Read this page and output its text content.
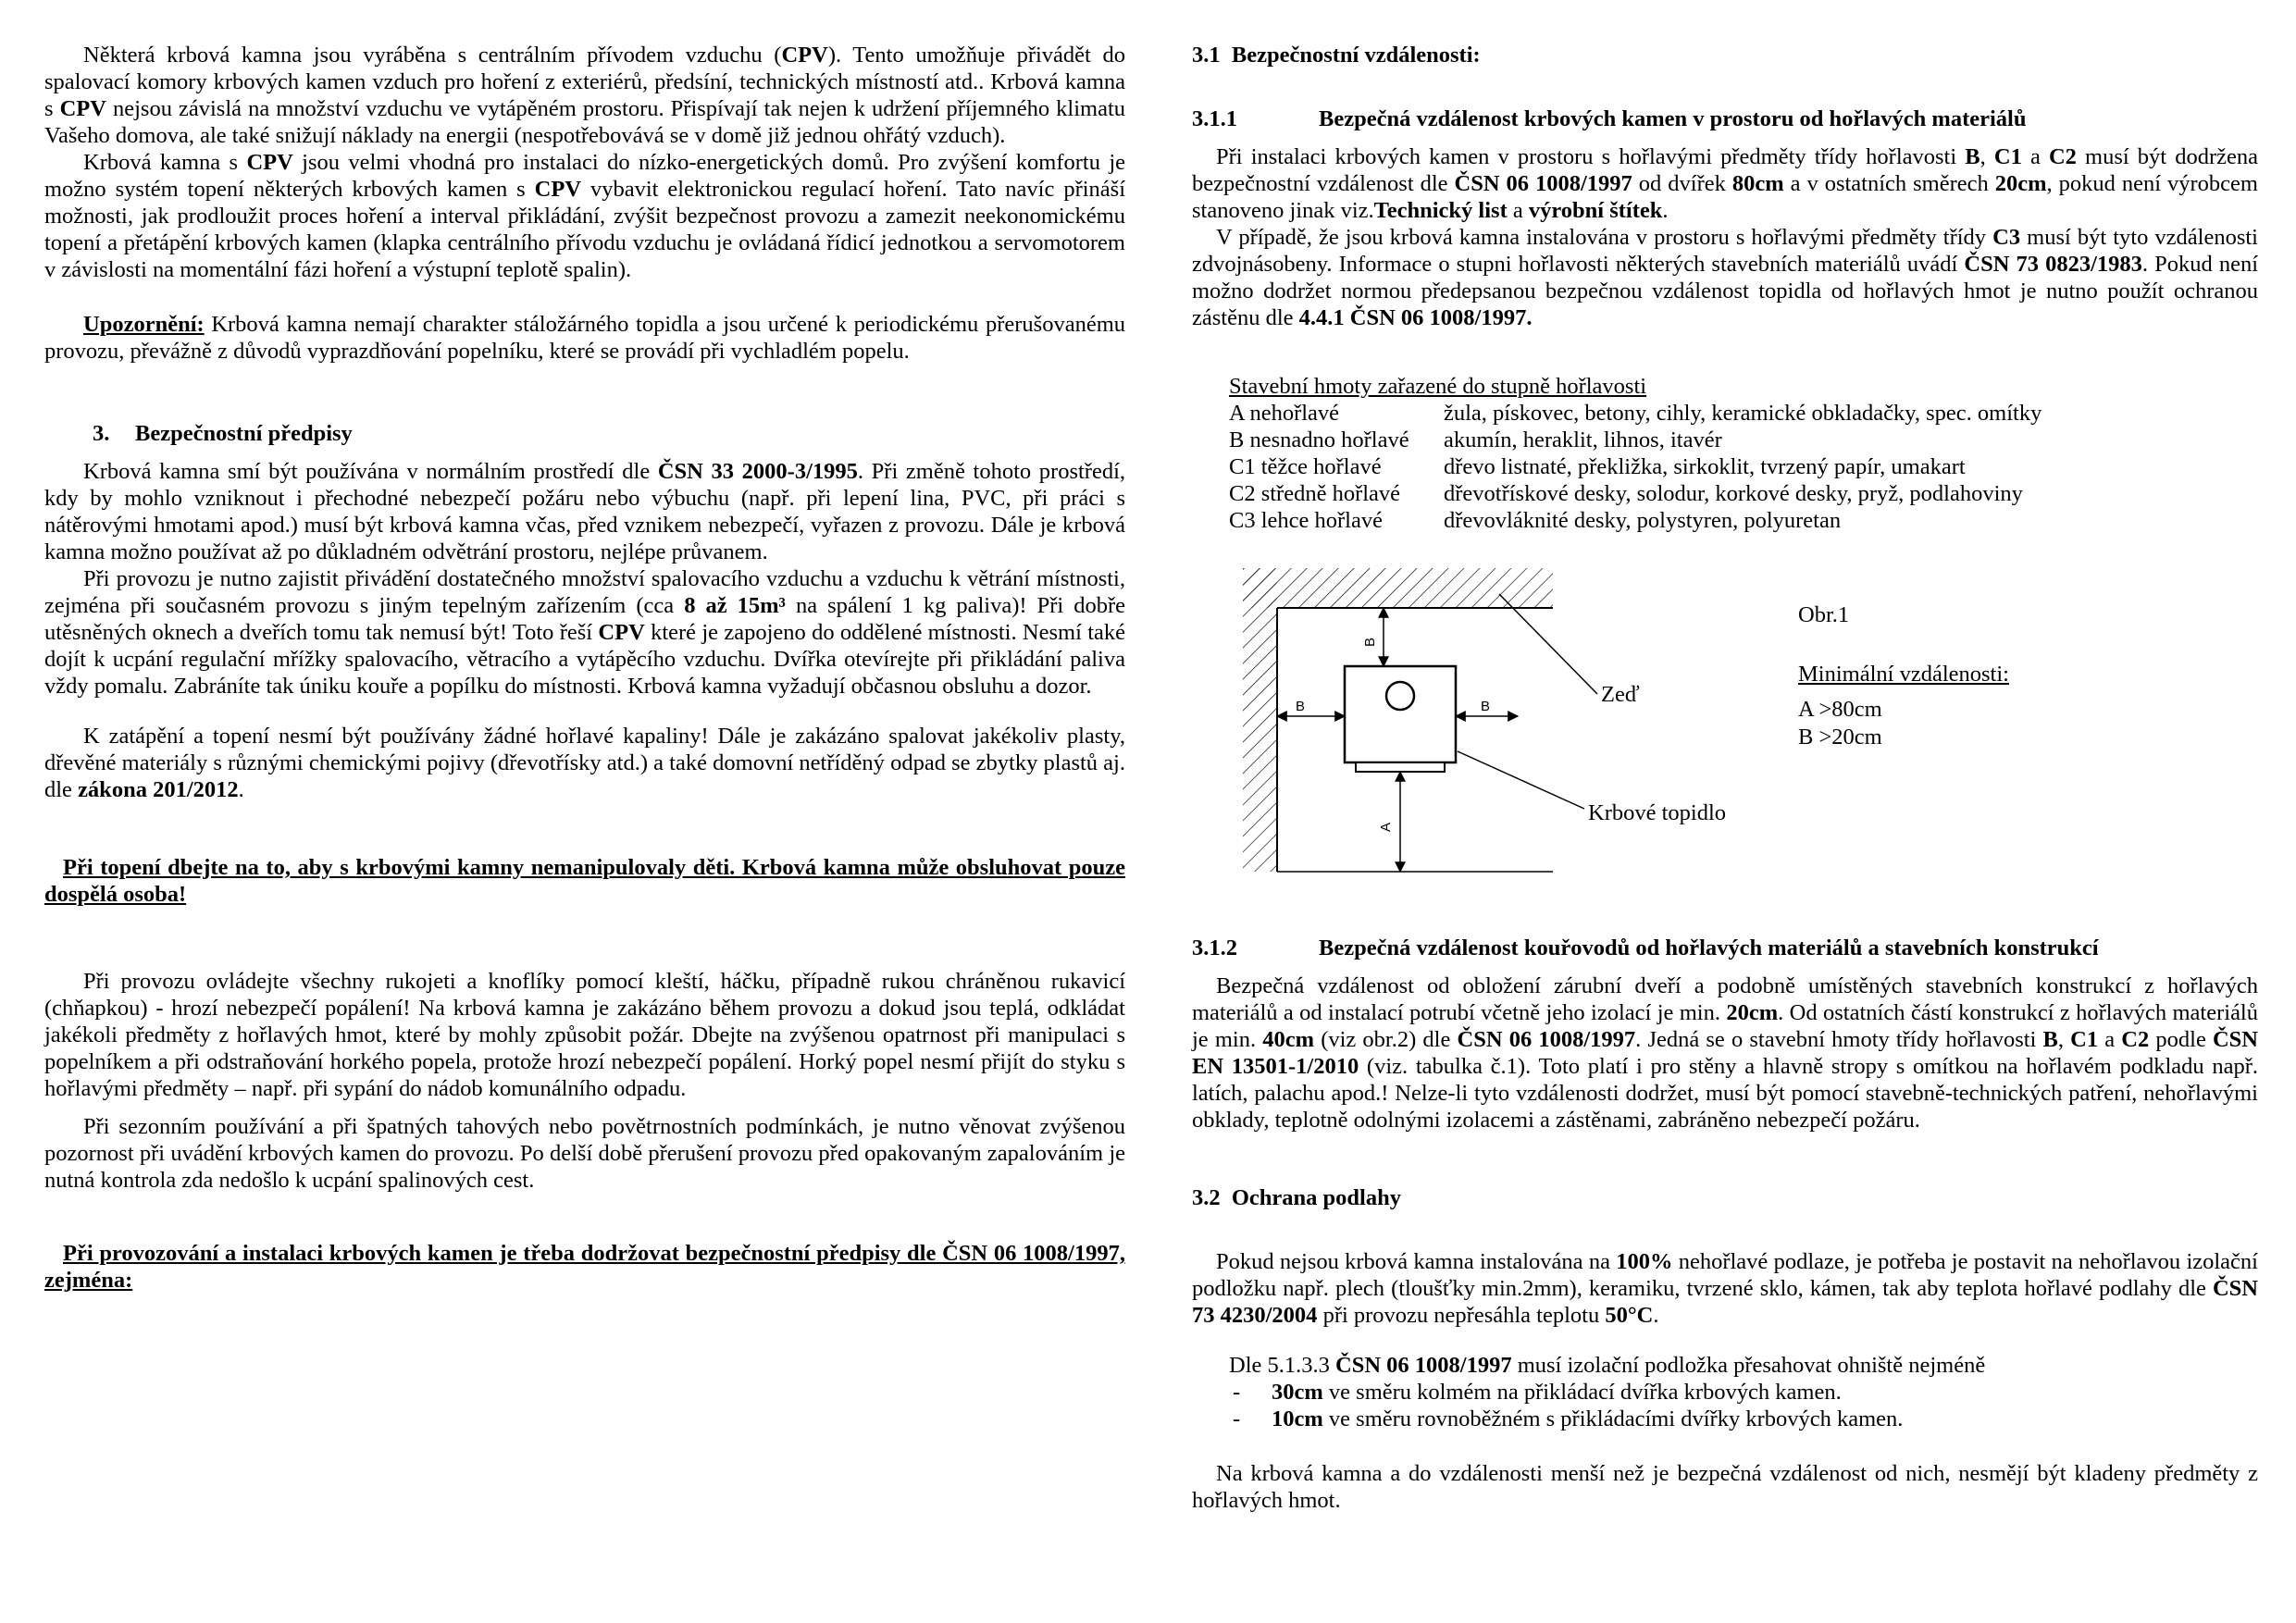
Některá krbová kamna jsou vyráběna s centrálním přívodem vzduchu (CPV). Tento umožňuje přivádět do spalovací komory krbových kamen vzduch pro hoření z exteriérů, předsíní, technických místností atd.. Krbová kamna s CPV nejsou závislá na množství vzduchu ve vytápěném prostoru. Přispívají tak nejen k udržení příjemného klimatu Vašeho domova, ale také snižují náklady na energii (nespotřebovává se v domě již jednou ohřátý vzduch).

Krbová kamna s CPV jsou velmi vhodná pro instalaci do nízko-energetických domů. Pro zvýšení komfortu je možno systém topení některých krbových kamen s CPV vybavit elektronickou regulací hoření. Tato navíc přináší možnosti, jak prodloužit proces hoření a interval přikládání, zvýšit bezpečnost provozu a zamezit neekonomickému topení a přetápění krbových kamen (klapka centrálního přívodu vzduchu je ovládaná řídicí jednotkou a servomotorem v závislosti na momentální fázi hoření a výstupní teplotě spalin).

Upozornění: Krbová kamna nemají charakter stáložárného topidla a jsou určené k periodickému přerušovanému provozu, převážně z důvodů vyprazdňování popelníku, které se provádí při vychladlém popelu.

3.	Bezpečnostní předpisy

Krbová kamna smí být používána v normálním prostředí dle ČSN 33 2000-3/1995. Při změně tohoto prostředí, kdy by mohlo vzniknout i přechodné nebezpečí požáru nebo výbuchu (např. při lepení lina, PVC, při práci s nátěrovými hmotami apod.) musí být krbová kamna včas, před vznikem nebezpečí, vyřazen z provozu. Dále je krbová kamna možno používat až po důkladném odvětrání prostoru, nejlépe průvanem.

Při provozu je nutno zajistit přivádění dostatečného množství spalovacího vzduchu a vzduchu k větrání místnosti, zejména při současném provozu s jiným tepelným zařízením (cca 8 až 15m³ na spálení 1 kg paliva)! Při dobře utěsněných oknech a dveřích tomu tak nemusí být! Toto řeší CPV které je zapojeno do oddělené místnosti. Nesmí také dojít k ucpání regulační mřížky spalovacího, větracího a vytápěcího vzduchu. Dvířka otevírejte při přikládání paliva vždy pomalu. Zabráníte tak úniku kouře a popílku do místnosti. Krbová kamna vyžadují občasnou obsluhu a dozor.

K zatápění a topení nesmí být používány žádné hořlavé kapaliny! Dále je zakázáno spalovat jakékoliv plasty, dřevěné materiály s různými chemickými pojivy (dřevotřísky atd.) a také domovní netříděný odpad se zbytky plastů aj. dle zákona 201/2012.

Při topení dbejte na to, aby s krbovými kamny nemanipulovaly děti. Krbová kamna může obsluhovat pouze dospělá osoba!

Při provozu ovládejte všechny rukojeti a knoflíky pomocí kleští, háčku, případně rukou chráněnou rukavicí (chňapkou) - hrozí nebezpečí popálení! Na krbová kamna je zakázáno během provozu a dokud jsou teplá, odkládat jakékoli předměty z hořlavých hmot, které by mohly způsobit požár. Dbejte na zvýšenou opatrnost při manipulaci s popelníkem a při odstraňování horkého popela, protože hrozí nebezpečí popálení. Horký popel nesmí přijít do styku s hořlavými předměty – např. při sypání do nádob komunálního odpadu.

Při sezonním používání a při špatných tahových nebo povětrnostních podmínkách, je nutno věnovat zvýšenou pozornost při uvádění krbových kamen do provozu. Po delší době přerušení provozu před opakovaným zapalováním je nutná kontrola zda nedošlo k ucpání spalinových cest.

Při provozování a instalaci krbových kamen je třeba dodržovat bezpečnostní předpisy dle ČSN 06 1008/1997, zejména:

3.1  Bezpečnostní vzdálenosti:
3.1.1	Bezpečná vzdálenost krbových kamen v prostoru od hořlavých materiálů

Při instalaci krbových kamen v prostoru s hořlavými předměty třídy hořlavosti B, C1 a C2 musí být dodržena bezpečnostní vzdálenost dle ČSN 06 1008/1997 od dvířek 80cm a v ostatních směrech 20cm, pokud není výrobcem stanoveno jinak viz.Technický list a výrobní štítek.

V případě, že jsou krbová kamna instalována v prostoru s hořlavými předměty třídy C3 musí být tyto vzdálenosti zdvojnásobeny. Informace o stupni hořlavosti některých stavebních materiálů uvádí ČSN 73 0823/1983. Pokud není možno dodržet normou předepsanou bezpečnou vzdálenost topidla od hořlavých hmot je nutno použít ochranou zástěnu dle 4.4.1 ČSN 06 1008/1997.

Stavební hmoty zařazené do stupně hořlavosti
A nehořlavé	žula, pískovec, betony, cihly, keramické obkladačky, spec. omítky
B nesnadno hořlavé	akumín, heraklit, lihnos, itavér
C1 těžce hořlavé	dřevo listnaté, překližka, sirkoklit, tvrzený papír, umakart
C2 středně hořlavé	dřevotřískové desky, solodur, korkové desky, pryž, podlahoviny
C3 lehce hořlavé	dřevovláknité desky, polystyren, polyuretan
B
B
B
A
Zeď
Krbové topidlo
Obr.1
Minimální vzdálenosti:
A >80cm
B >20cm
3.1.2	Bezpečná vzdálenost kouřovodů od hořlavých materiálů a stavebních konstrukcí

Bezpečná vzdálenost od obložení zárubní dveří a podobně umístěných stavebních konstrukcí z hořlavých materiálů a od instalací potrubí včetně jeho izolací je min. 20cm. Od ostatních částí konstrukcí z hořlavých materiálů je min. 40cm (viz obr.2) dle ČSN 06 1008/1997. Jedná se o stavební hmoty třídy hořlavosti B, C1 a C2 podle ČSN EN 13501-1/2010 (viz. tabulka č.1). Toto platí i pro stěny a hlavně stropy s omítkou na hořlavém podkladu např. latích, palachu apod.! Nelze-li tyto vzdálenosti dodržet, musí být pomocí stavebně-technických patření, nehořlavými obklady, teplotně odolnými izolacemi a zástěnami, zabráněno nebezpečí požáru.

3.2  Ochrana podlahy

Pokud nejsou krbová kamna instalována na 100% nehořlavé podlaze, je potřeba je postavit na nehořlavou izolační podložku např. plech (tloušťky min.2mm), keramiku, tvrzené sklo, kámen, tak aby teplota hořlavé podlahy dle ČSN 73 4230/2004 při provozu nepřesáhla teplotu 50°C.

Dle 5.1.3.3 ČSN 06 1008/1997 musí izolační podložka přesahovat ohniště nejméně

-	30cm ve směru kolmém na přikládací dvířka krbových kamen.
-	10cm ve směru rovnoběžném s přikládacími dvířky krbových kamen.

Na krbová kamna a do vzdálenosti menší než je bezpečná vzdálenost od nich, nesmějí být kladeny předměty z hořlavých hmot.
